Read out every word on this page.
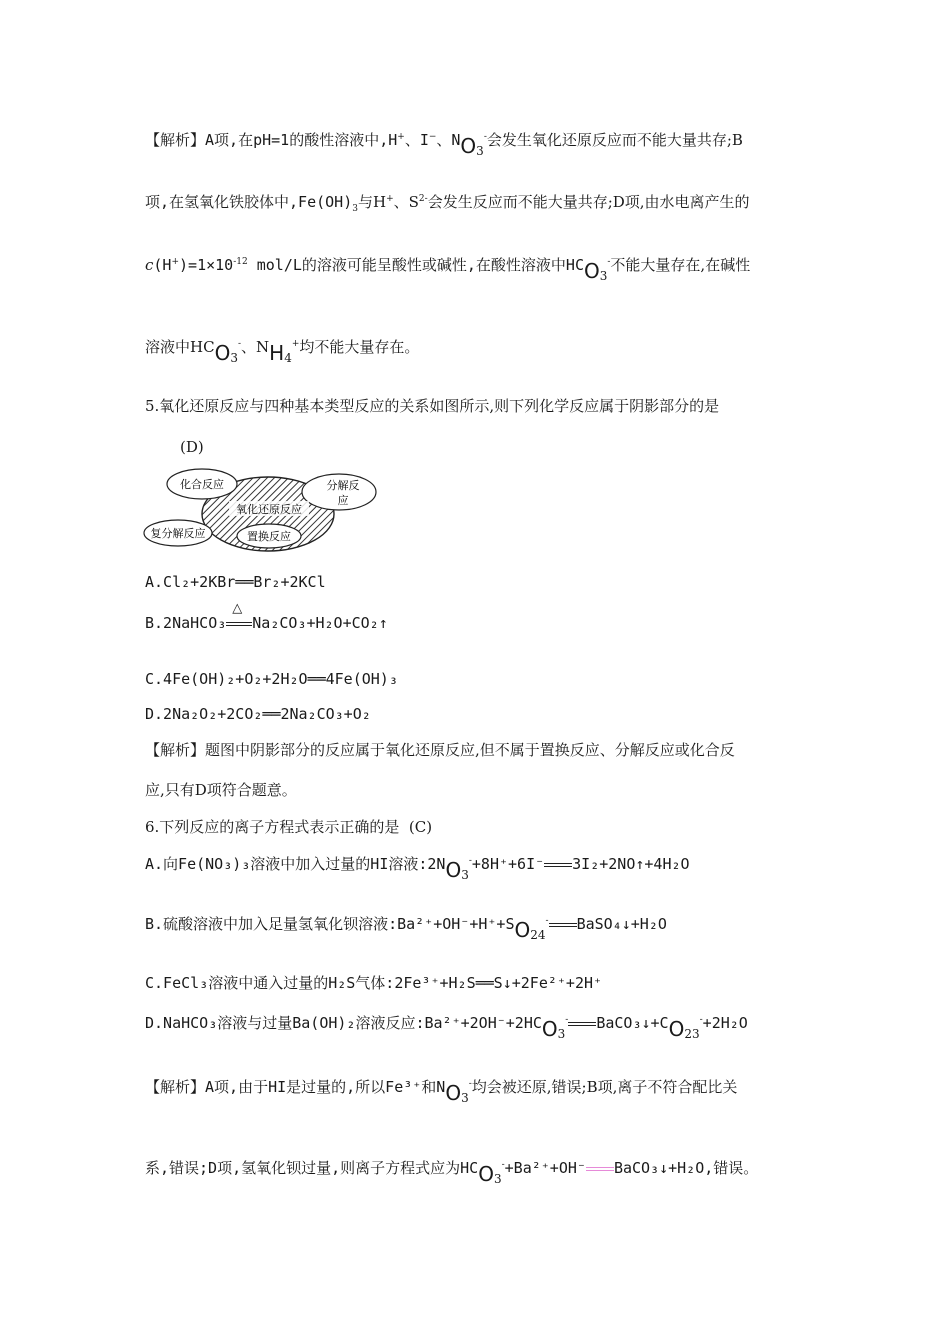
【解析】A项,在pH=1的酸性溶液中,H+、I−、$NO_3^-$会发生氧化还原反应而不能大量共存;B
项,在氢氧化铁胶体中$,Fe(OH)_3$与H+、$S^{2-}$会发生反应而不能大量共存;D项,由水电离产生的
$c(H^+)=1\times 10^{-12}$ mol/L的溶液可能呈酸性或碱性,在酸性溶液中$HCO_3^-$不能大量存在,在碱性
溶液中$HCO_3^-$、$NH_4^+$均不能大量存在。
5.氧化还原反应与四种基本类型反应的关系如图所示,则下列化学反应属于阴影部分的是
(D)
化合反应	分解反
应
氧化还原反应
复分解反应	置换反应
A.Cl₂+2KBr══Br₂+2KCl
B.2NaHCO₃
△
Na₂CO₃+H₂O+CO₂↑
C.4Fe(OH)₂+O₂+2H₂O══4Fe(OH)₃
D.2Na₂O₂+2CO₂══2Na₂CO₃+O₂
【解析】题图中阴影部分的反应属于氧化还原反应,但不属于置换反应、分解反应或化合反
应,只有D项符合题意。
6.下列反应的离子方程式表示正确的是 (C)
A.向Fe(NO₃)₃溶液中加入过量的HI溶液$:2NO_3^-+8H^++6I^-$ 3I₂+2NO↑+4H₂O
B.硫酸溶液中加入足量氢氧化钡溶液$:Ba^{2+}+OH^-+H^++SO_{24}^-$ BaSO₄↓+H₂O
C.FeCl₃溶液中通入过量的H₂S气体:2Fe³⁺+H₂S══S↓+2Fe²⁺+2H⁺
D.NaHCO₃溶液与过量Ba(OH)₂溶液反应$:Ba^{2+}+2OH^-+2HCO_3^-$ $BaCO_3↓+CO_{23}^-+2H_2O$
【解析】A项,由于HI是过量的,所以Fe³⁺和$NO_3^-$均会被还原,错误;B项,离子不符合配比关
系,错误;D项,氢氧化钡过量,则离子方程式应为$HCO_3^-+Ba^{2+}+OH^-$ BaCO₃↓+H₂O,错误。
